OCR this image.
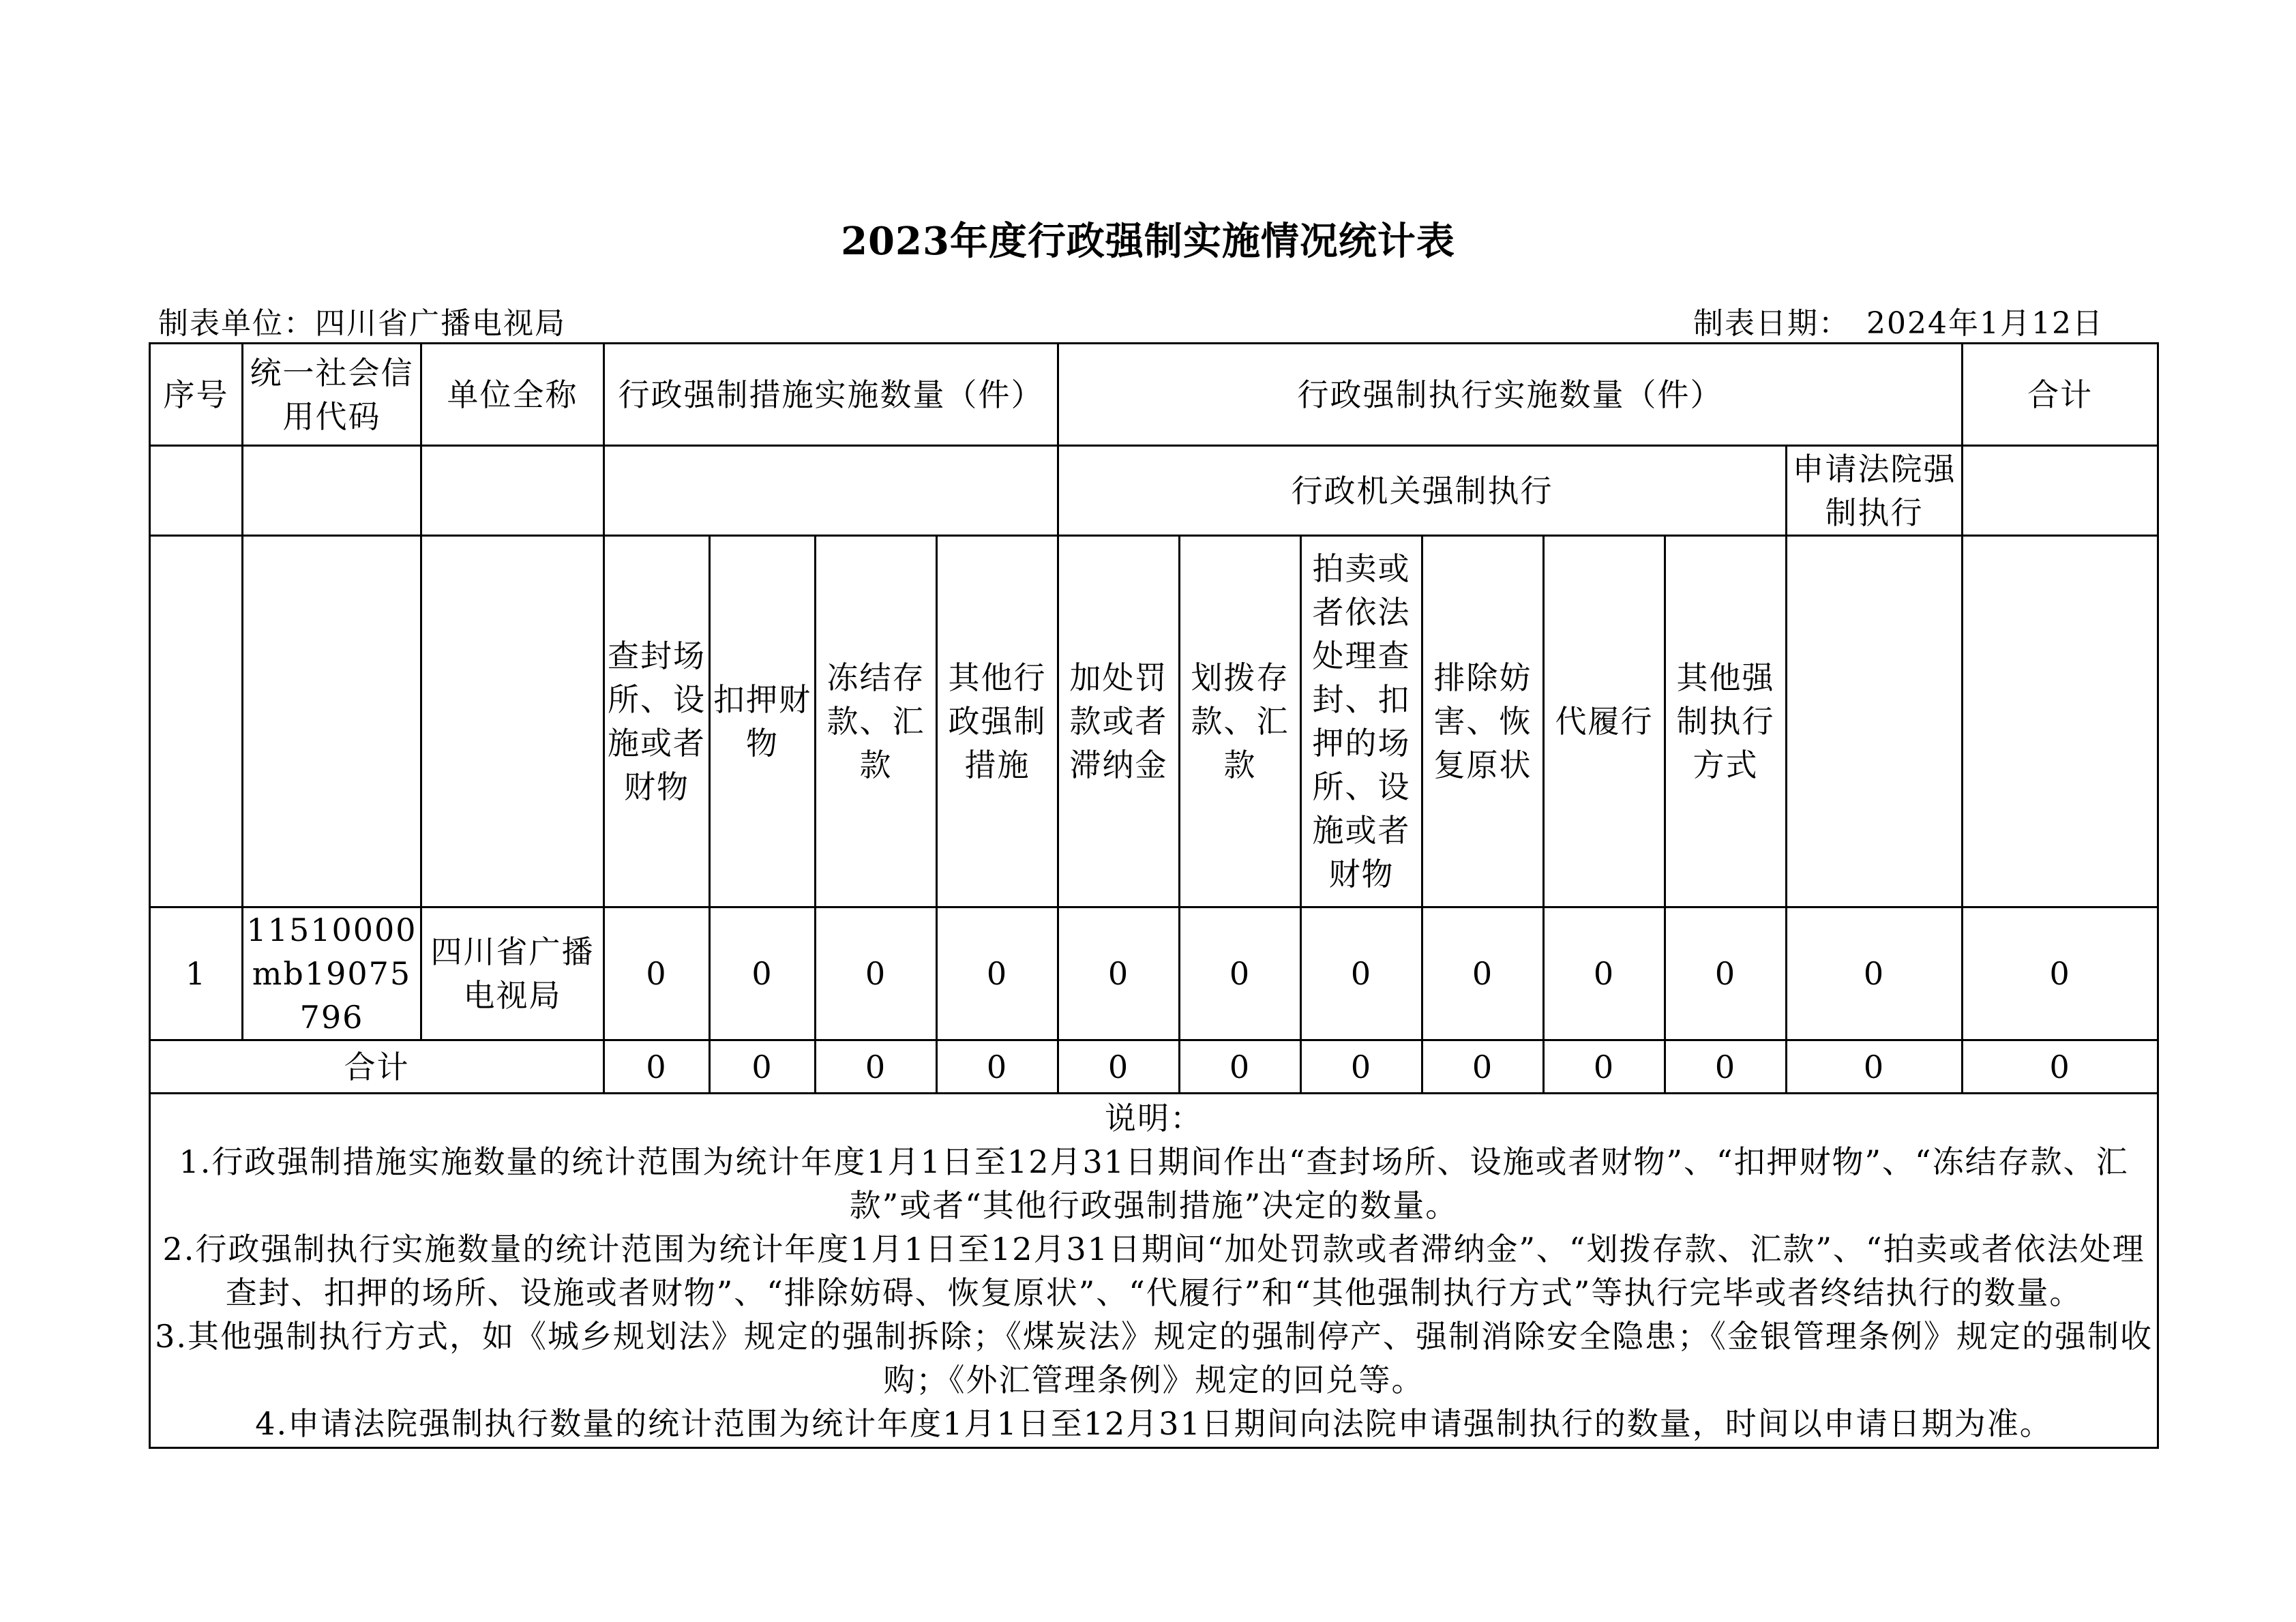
2023年度行政强制实施情况统计表
制表单位：四川省广播电视局	制表日期：　2024年1月12日
序号	统一社会信用代码	单位全称	行政强制措施实施数量（件）				行政强制执行实施数量（件）							合计
							行政机关强制执行						申请法院强制执行	
			查封场所、设施或者财物	扣押财物	冻结存款、汇款	其他行政强制措施	加处罚款或者滞纳金	划拨存款、汇款	拍卖或者依法处理查封、扣押的场所、设施或者财物	排除妨害、恢复原状	代履行	其他强制执行方式		
1	11510000mb19075796	四川省广播电视局	0	0	0	0	0	0	0	0	0	0	0	0
合计			0	0	0	0	0	0	0	0	0	0	0	0

说明：
1.行政强制措施实施数量的统计范围为统计年度1月1日至12月31日期间作出“查封场所、设施或者财物”、“扣押财物”、“冻结存款、汇款”或者“其他行政强制措施”决定的数量。
2.行政强制执行实施数量的统计范围为统计年度1月1日至12月31日期间“加处罚款或者滞纳金”、“划拨存款、汇款”、“拍卖或者依法处理查封、扣押的场所、设施或者财物”、“排除妨碍、恢复原状”、“代履行”和“其他强制执行方式”等执行完毕或者终结执行的数量。
3.其他强制执行方式，如《城乡规划法》规定的强制拆除；《煤炭法》规定的强制停产、强制消除安全隐患；《金银管理条例》规定的强制收购；《外汇管理条例》规定的回兑等。
4.申请法院强制执行数量的统计范围为统计年度1月1日至12月31日期间向法院申请强制执行的数量，时间以申请日期为准。														
